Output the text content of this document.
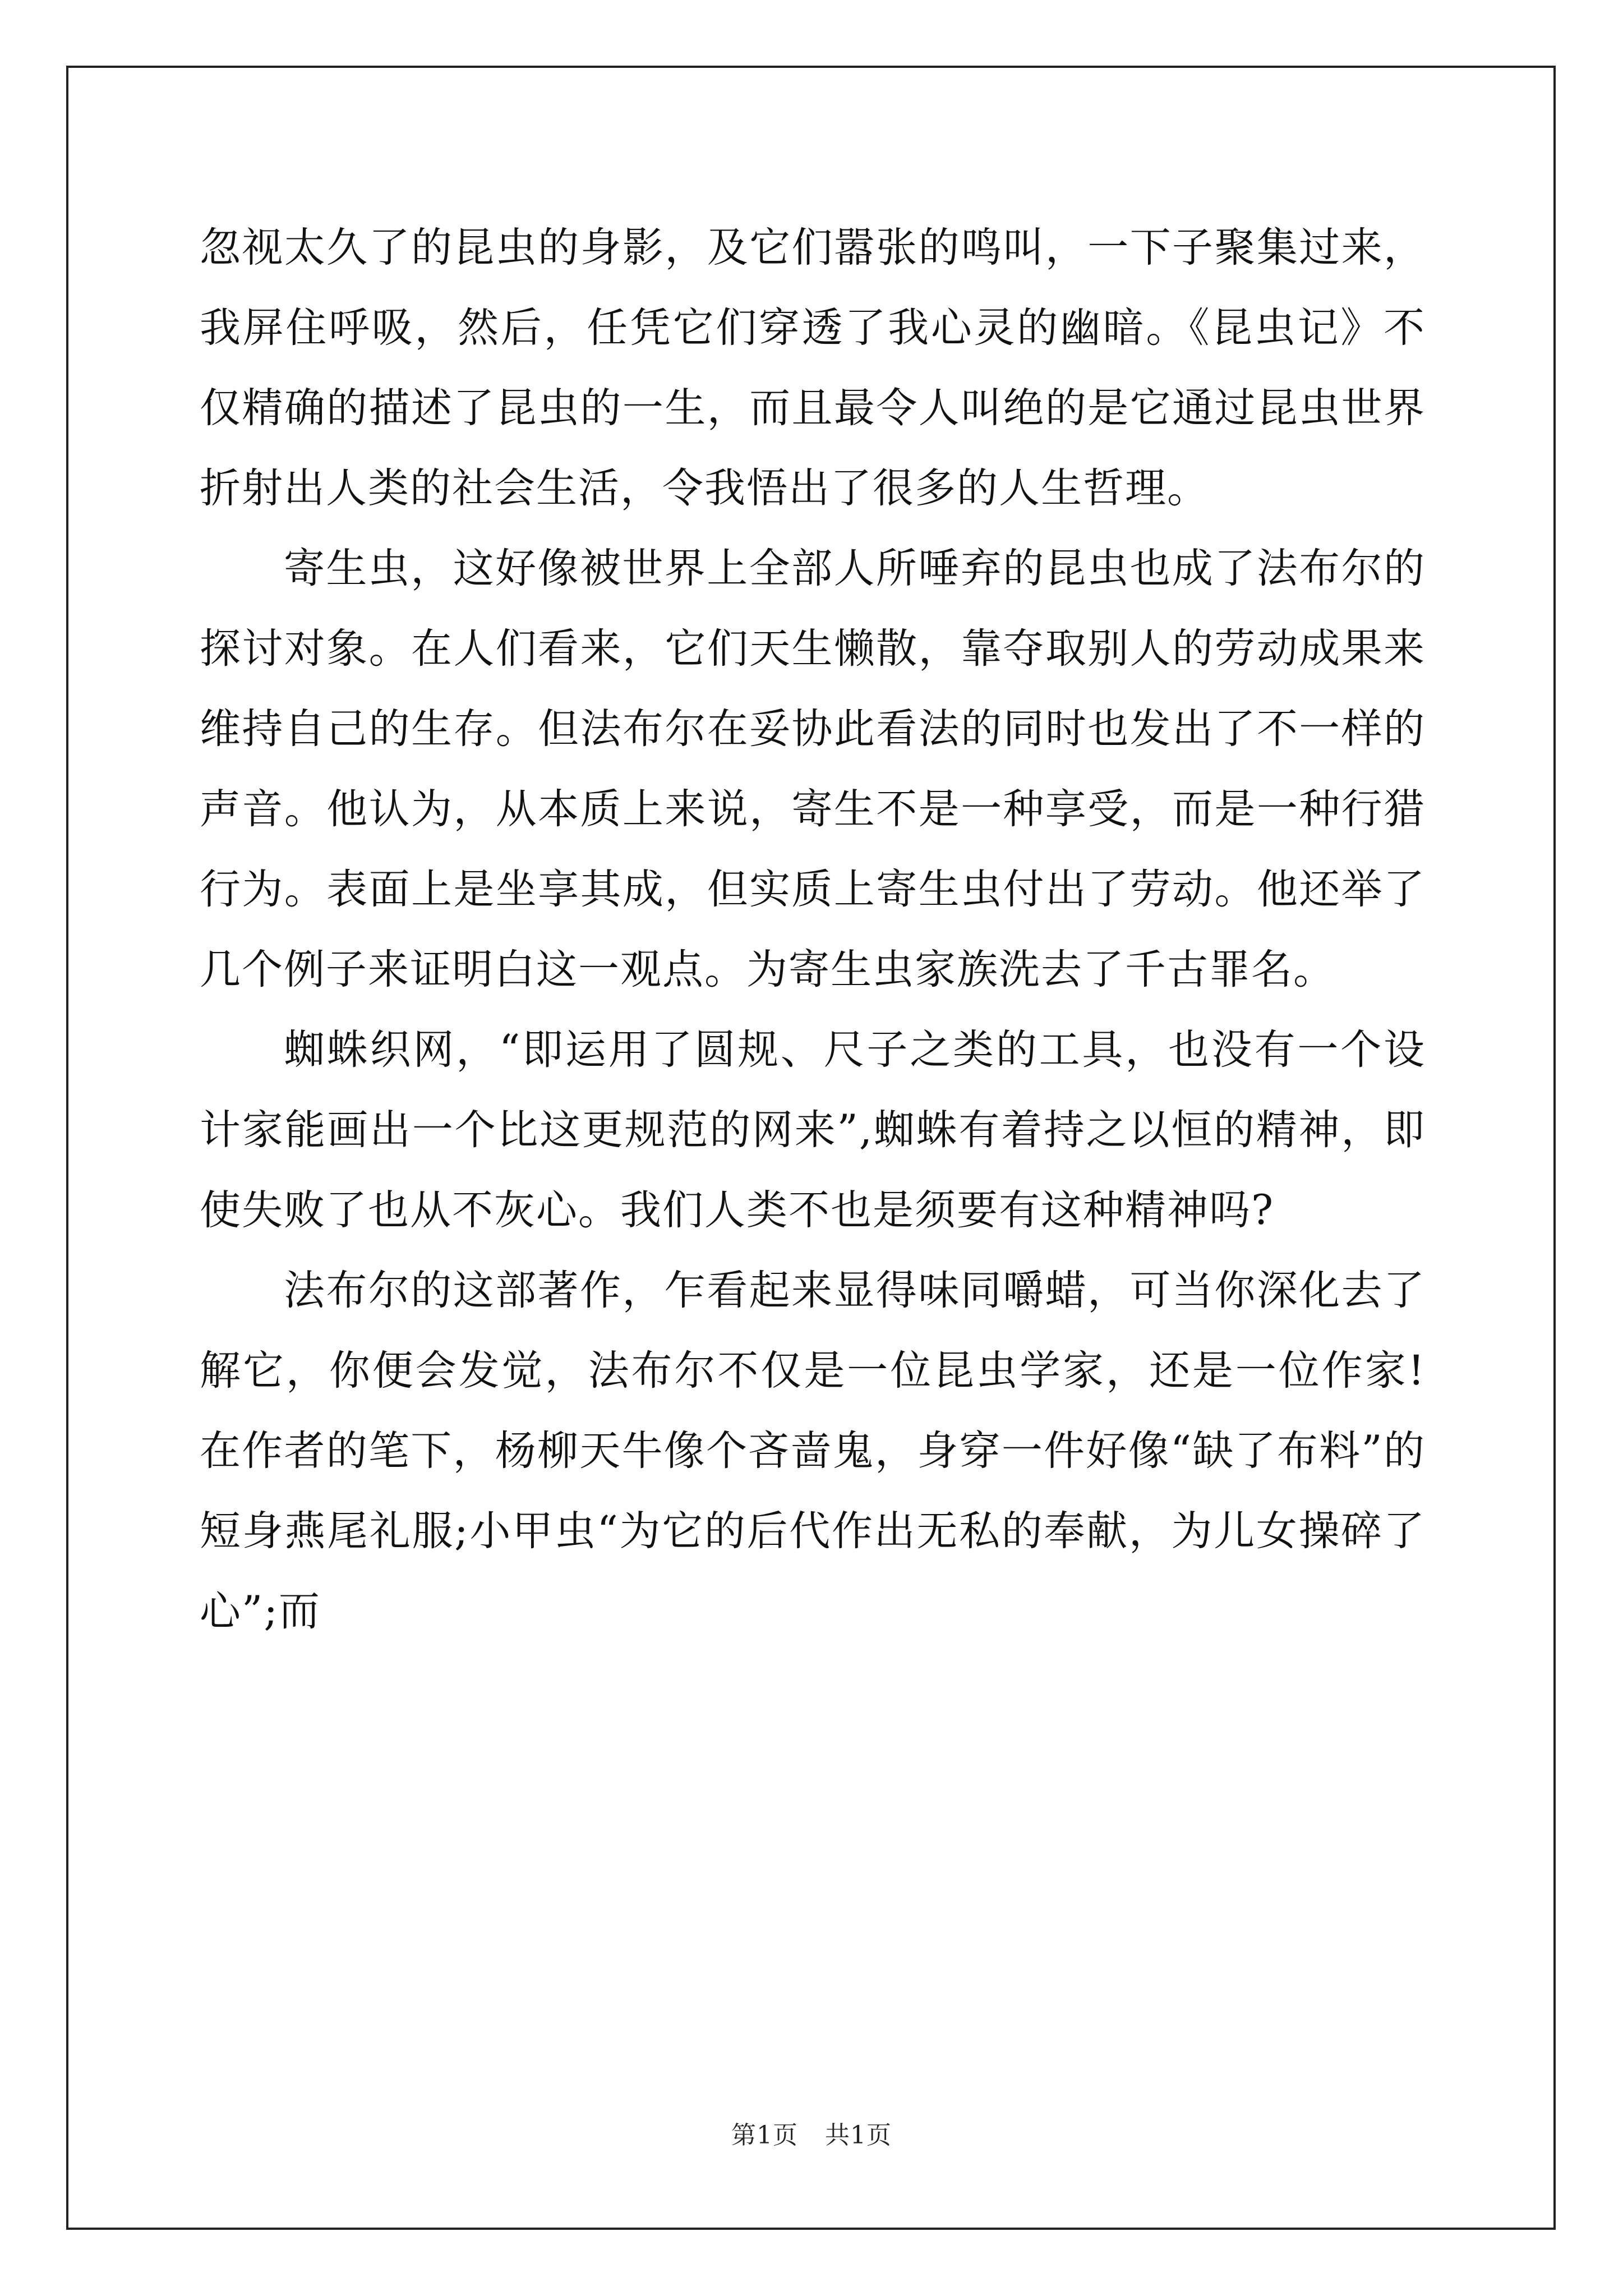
忽视太久了的昆虫的身影，及它们嚣张的鸣叫，一下子聚集过来，我屏住呼吸，然后，任凭它们穿透了我心灵的幽暗。《昆虫记》不仅精确的描述了昆虫的一生，而且最令人叫绝的是它通过昆虫世界折射出人类的社会生活，令我悟出了很多的人生哲理。

寄生虫，这好像被世界上全部人所唾弃的昆虫也成了法布尔的探讨对象。在人们看来，它们天生懒散，靠夺取别人的劳动成果来维持自己的生存。但法布尔在妥协此看法的同时也发出了不一样的声音。他认为，从本质上来说，寄生不是一种享受，而是一种行猎行为。表面上是坐享其成，但实质上寄生虫付出了劳动。他还举了几个例子来证明白这一观点。为寄生虫家族洗去了千古罪名。

蜘蛛织网，“即运用了圆规、尺子之类的工具，也没有一个设计家能画出一个比这更规范的网来”,蜘蛛有着持之以恒的精神，即使失败了也从不灰心。我们人类不也是须要有这种精神吗?

法布尔的这部著作，乍看起来显得味同嚼蜡，可当你深化去了解它，你便会发觉，法布尔不仅是一位昆虫学家，还是一位作家!在作者的笔下，杨柳天牛像个吝啬鬼，身穿一件好像“缺了布料”的短身燕尾礼服;小甲虫“为它的后代作出无私的奉献，为儿女操碎了心”;而

第1页 共1页
